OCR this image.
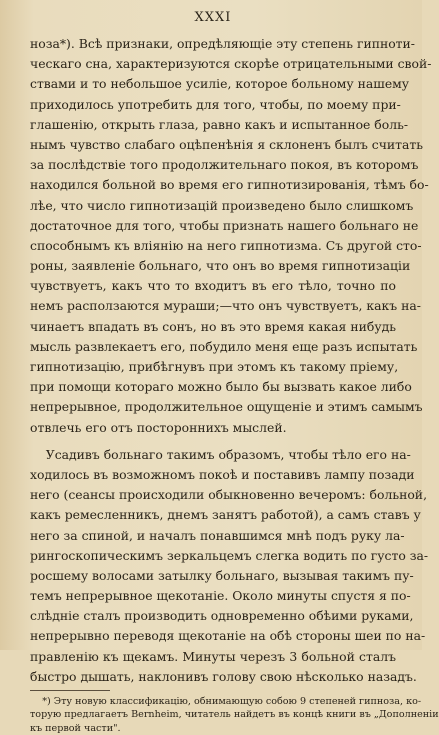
XXXI
ноза*). Всѣ признаки, опредѣляющіе эту степень гипноти-
ческаго сна, характеризуются скорѣе отрицательными свой-
ствами и то небольшое усиліе, которое больному нашему
приходилось употребить для того, чтобы, по моему при-
глашенію, открыть глаза, равно какъ и испытанное боль-
нымъ чувство слабаго оцѣпенѣнія я склоненъ былъ считать
за послѣдствіе того продолжительнаго покоя, въ которомъ
находился больной во время его гипнотизированія, тѣмъ бо-
лѣе, что число гипнотизацій произведено было слишкомъ
достаточное для того, чтобы признать нашего больнаго не
способнымъ къ вліянію на него гипнотизма. Съ другой сто-
роны, заявленіе больнаго, что онъ во время гипнотизаціи
чувствуетъ, какъ что то входитъ въ его тѣло, точно по
немъ расползаются мураши;—что онъ чувствуетъ, какъ на-
чинаетъ впадать въ сонъ, но въ это время какая нибудь
мысль развлекаетъ его, побудило меня еще разъ испытать
гипнотизацію, прибѣгнувъ при этомъ къ такому пріему,
при помощи котораго можно было бы вызвать какое либо
непрерывное, продолжительное ощущеніе и этимъ самымъ
отвлечь его отъ постороннихъ мыслей.
Усадивъ больнаго такимъ образомъ, чтобы тѣло его на-
ходилось въ возможномъ покоѣ и поставивъ лампу позади
него (сеансы происходили обыкновенно вечеромъ: больной,
какъ ремесленникъ, днемъ занятъ работой), а самъ ставъ у
него за спиной, и началъ понавшимся мнѣ подъ руку ла-
рингоскопическимъ зеркальцемъ слегка водить по густо за-
росшему волосами затылку больнаго, вызывая такимъ пу-
темъ непрерывное щекотаніе. Около минуты спустя я по-
слѣдніе сталъ производить одновременно обѣими руками,
непрерывно переводя щекотаніе на обѣ стороны шеи по на-
правленію къ щекамъ. Минуты черезъ 3 больной сталъ
быстро дышать, наклонивъ голову свою нѣсколько назадъ.
*) Эту новую классификацію, обнимающую собою 9 степеней гипноза, ко-
торую предлагаетъ Bernheim, читатель найдетъ въ концѣ книги въ „Дополненіи
къ первой части".
